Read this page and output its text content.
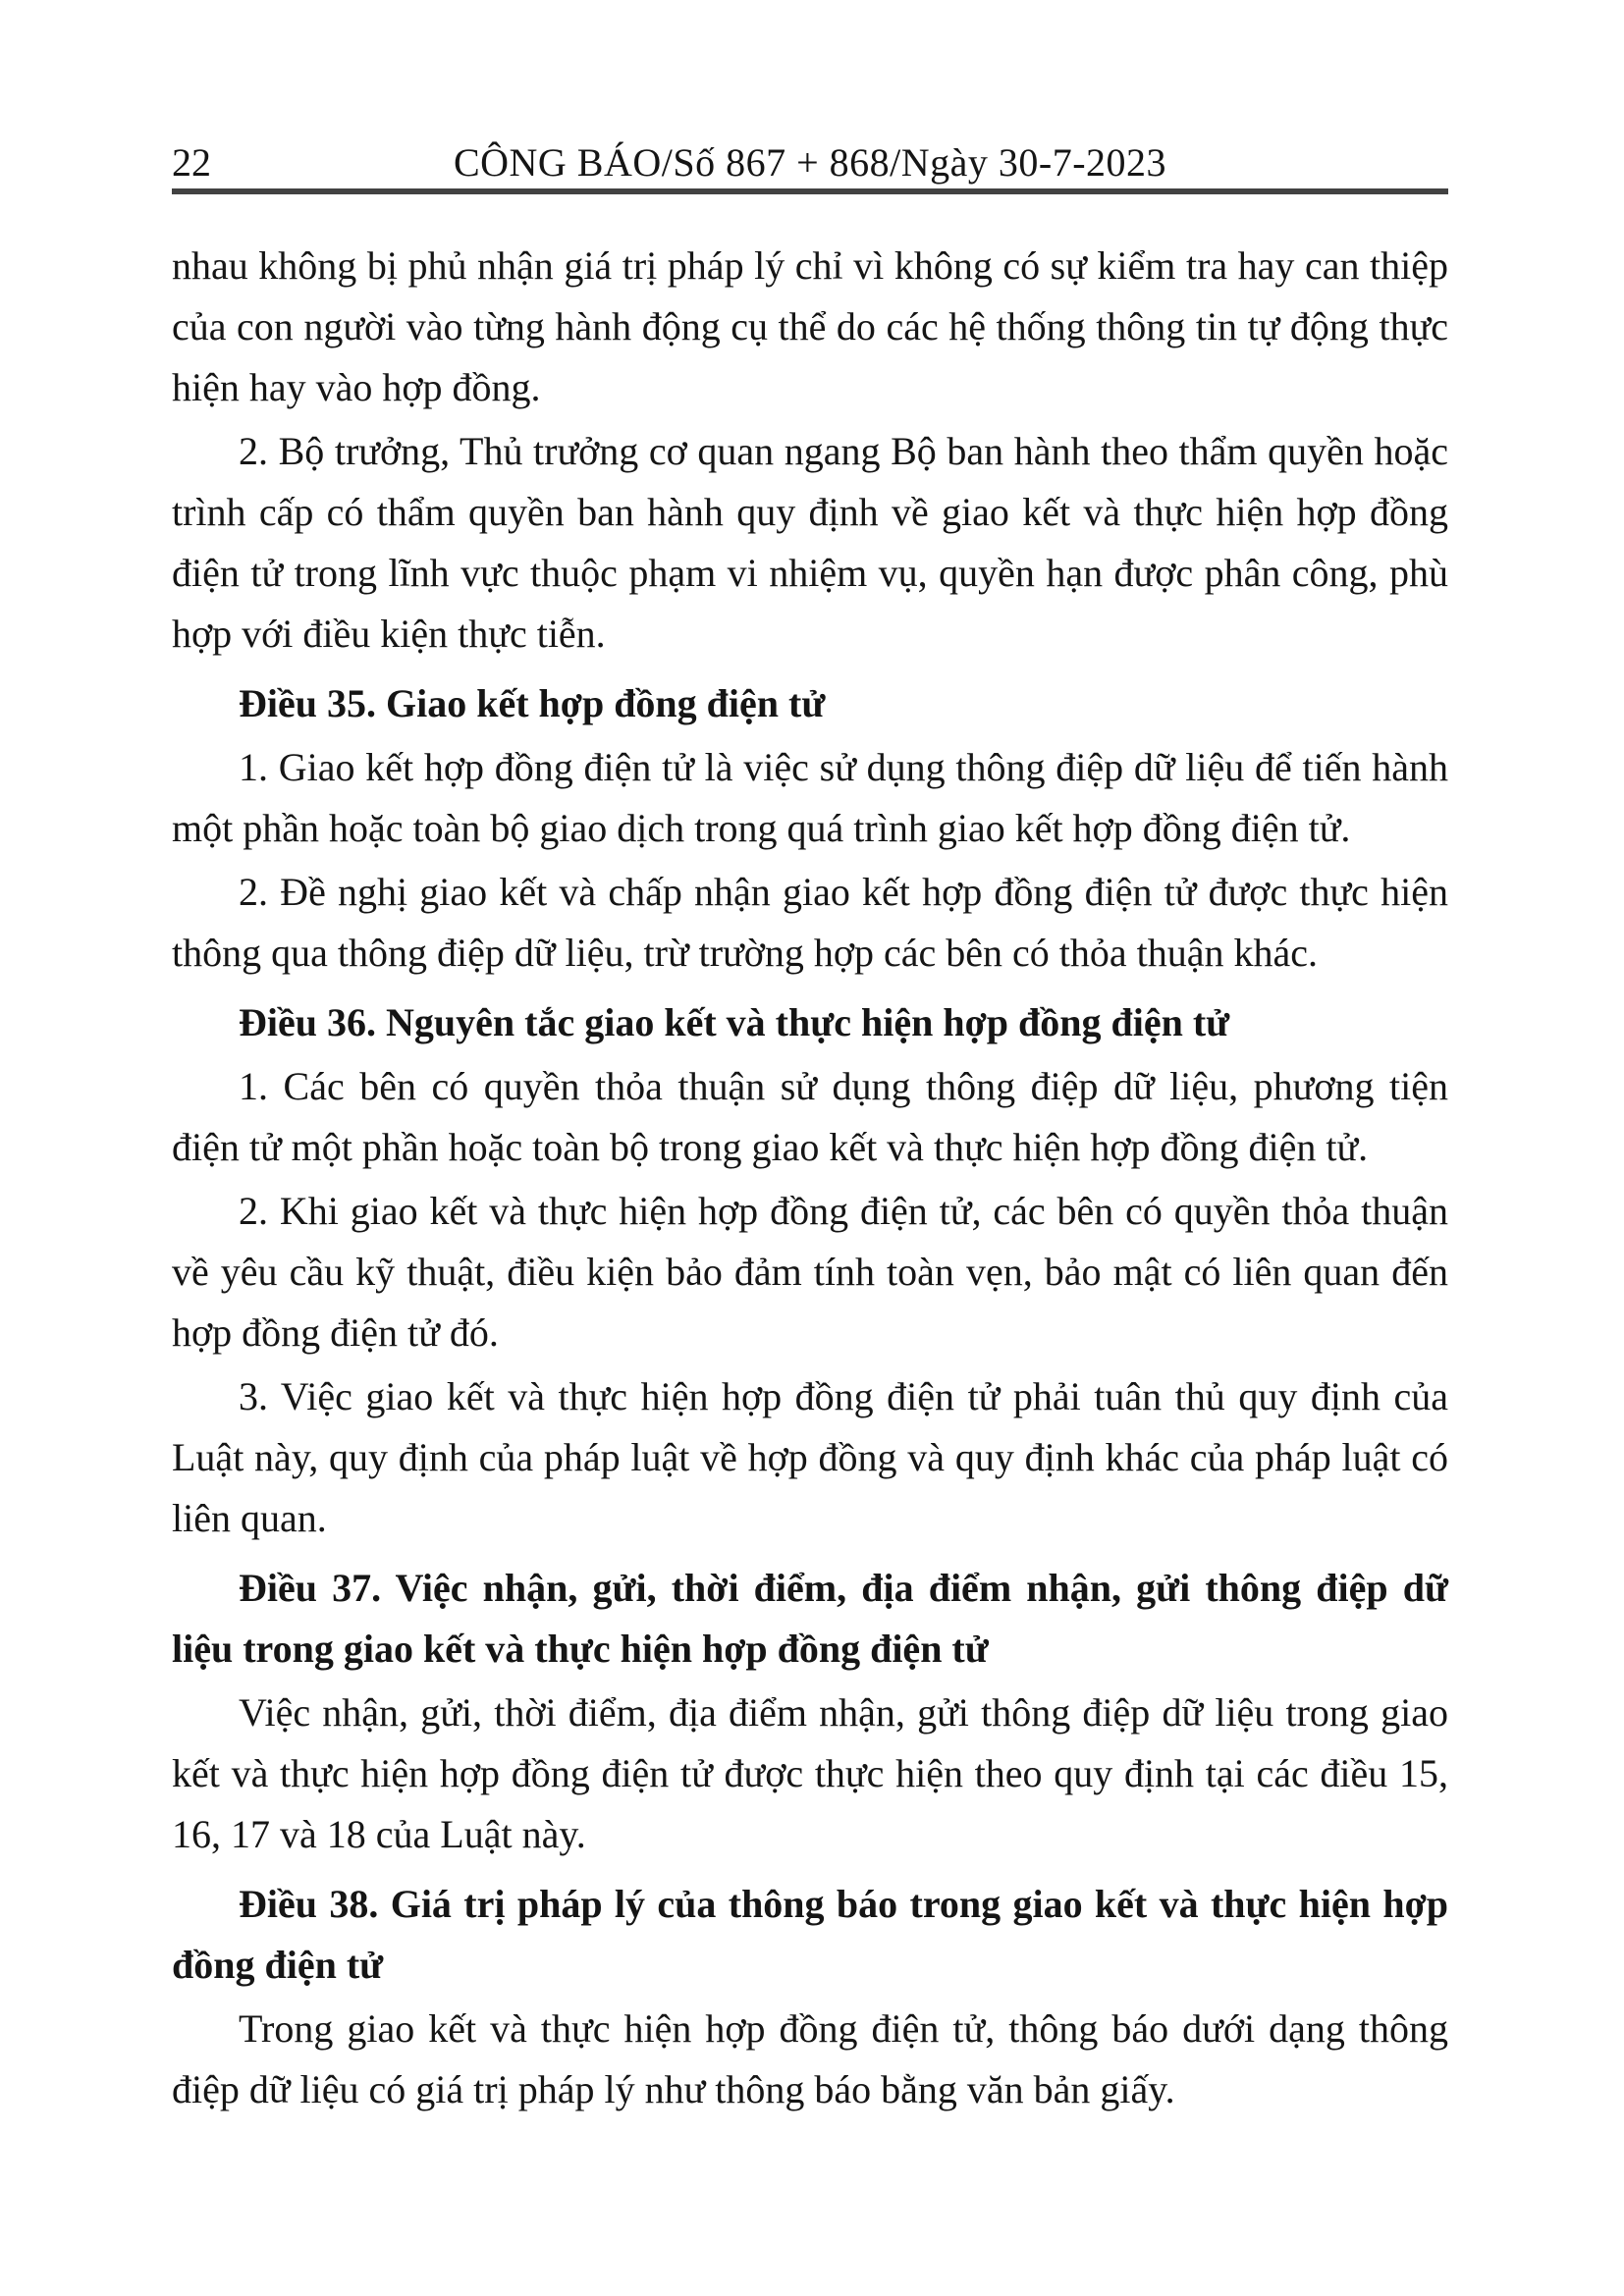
22	CÔNG BÁO/Số 867 + 868/Ngày 30-7-2023

nhau không bị phủ nhận giá trị pháp lý chỉ vì không có sự kiểm tra hay can thiệp của con người vào từng hành động cụ thể do các hệ thống thông tin tự động thực hiện hay vào hợp đồng.

2. Bộ trưởng, Thủ trưởng cơ quan ngang Bộ ban hành theo thẩm quyền hoặc trình cấp có thẩm quyền ban hành quy định về giao kết và thực hiện hợp đồng điện tử trong lĩnh vực thuộc phạm vi nhiệm vụ, quyền hạn được phân công, phù hợp với điều kiện thực tiễn.

Điều 35. Giao kết hợp đồng điện tử

1. Giao kết hợp đồng điện tử là việc sử dụng thông điệp dữ liệu để tiến hành một phần hoặc toàn bộ giao dịch trong quá trình giao kết hợp đồng điện tử.

2. Đề nghị giao kết và chấp nhận giao kết hợp đồng điện tử được thực hiện thông qua thông điệp dữ liệu, trừ trường hợp các bên có thỏa thuận khác.

Điều 36. Nguyên tắc giao kết và thực hiện hợp đồng điện tử

1. Các bên có quyền thỏa thuận sử dụng thông điệp dữ liệu, phương tiện điện tử một phần hoặc toàn bộ trong giao kết và thực hiện hợp đồng điện tử.

2. Khi giao kết và thực hiện hợp đồng điện tử, các bên có quyền thỏa thuận về yêu cầu kỹ thuật, điều kiện bảo đảm tính toàn vẹn, bảo mật có liên quan đến hợp đồng điện tử đó.

3. Việc giao kết và thực hiện hợp đồng điện tử phải tuân thủ quy định của Luật này, quy định của pháp luật về hợp đồng và quy định khác của pháp luật có liên quan.

Điều 37. Việc nhận, gửi, thời điểm, địa điểm nhận, gửi thông điệp dữ liệu trong giao kết và thực hiện hợp đồng điện tử

Việc nhận, gửi, thời điểm, địa điểm nhận, gửi thông điệp dữ liệu trong giao kết và thực hiện hợp đồng điện tử được thực hiện theo quy định tại các điều 15, 16, 17 và 18 của Luật này.

Điều 38. Giá trị pháp lý của thông báo trong giao kết và thực hiện hợp đồng điện tử

Trong giao kết và thực hiện hợp đồng điện tử, thông báo dưới dạng thông điệp dữ liệu có giá trị pháp lý như thông báo bằng văn bản giấy.
